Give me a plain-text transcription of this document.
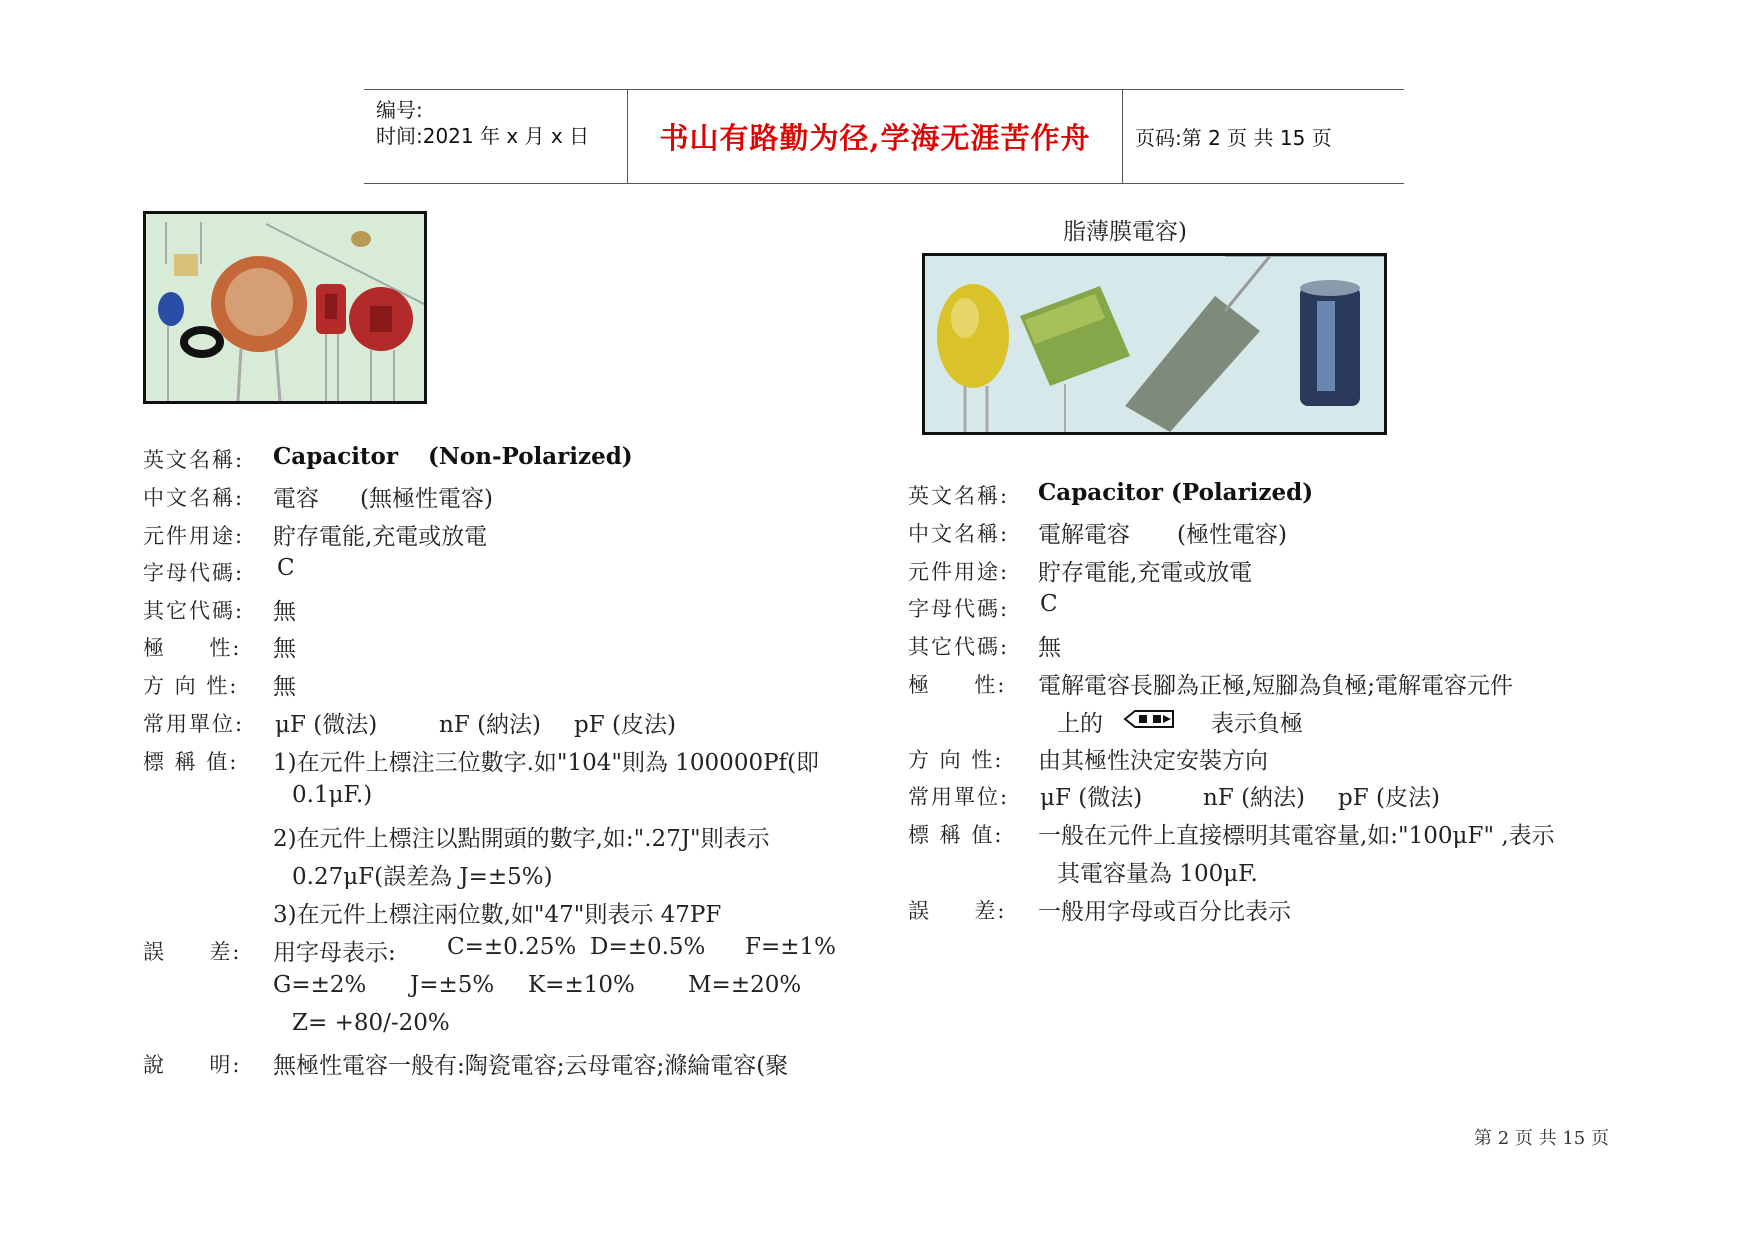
编号:
时间:2021 年 x 月 x 日 书山有路勤为径,学海无涯苦作舟 页码:第 2 页 共 15 页
脂薄膜電容)
英文名稱:	Capacitor (Non-Polarized)
中文名稱:	電容 (無極性電容)
元件用途:	貯存電能,充電或放電
字母代碼:	C
其它代碼:	無
極     性:	無
方 向 性:	無
常用單位:	μF (微法)	nF (納法) pF (皮法)
標 稱 值:	1)在元件上標注三位數字.如"104"則為 100000Pf(即
0.1μF.)
2)在元件上標注以點開頭的數字,如:".27J"則表示
0.27μF(誤差為 J=±5%)
3)在元件上標注兩位數,如"47"則表示 47PF
誤     差:	用字母表示: C=±0.25% D=±0.5% F=±1%
G=±2% J=±5% K=±10% M=±20%
Z= +80/-20%
說     明:	無極性電容一般有:陶瓷電容;云母電容;滌綸電容(聚
英文名稱:	Capacitor (Polarized)
中文名稱:	電解電容 (極性電容)
元件用途:	貯存電能,充電或放電
字母代碼:	C
其它代碼:	無
極     性:	電解電容長腳為正極,短腳為負極;電解電容元件
上的	表示負極
方 向 性:	由其極性決定安裝方向
常用單位:	μF (微法)	nF (納法) pF (皮法)
標 稱 值:	一般在元件上直接標明其電容量,如:"100μF" ,表示
其電容量為 100μF.
誤     差:	一般用字母或百分比表示
第 2 页 共 15 页
